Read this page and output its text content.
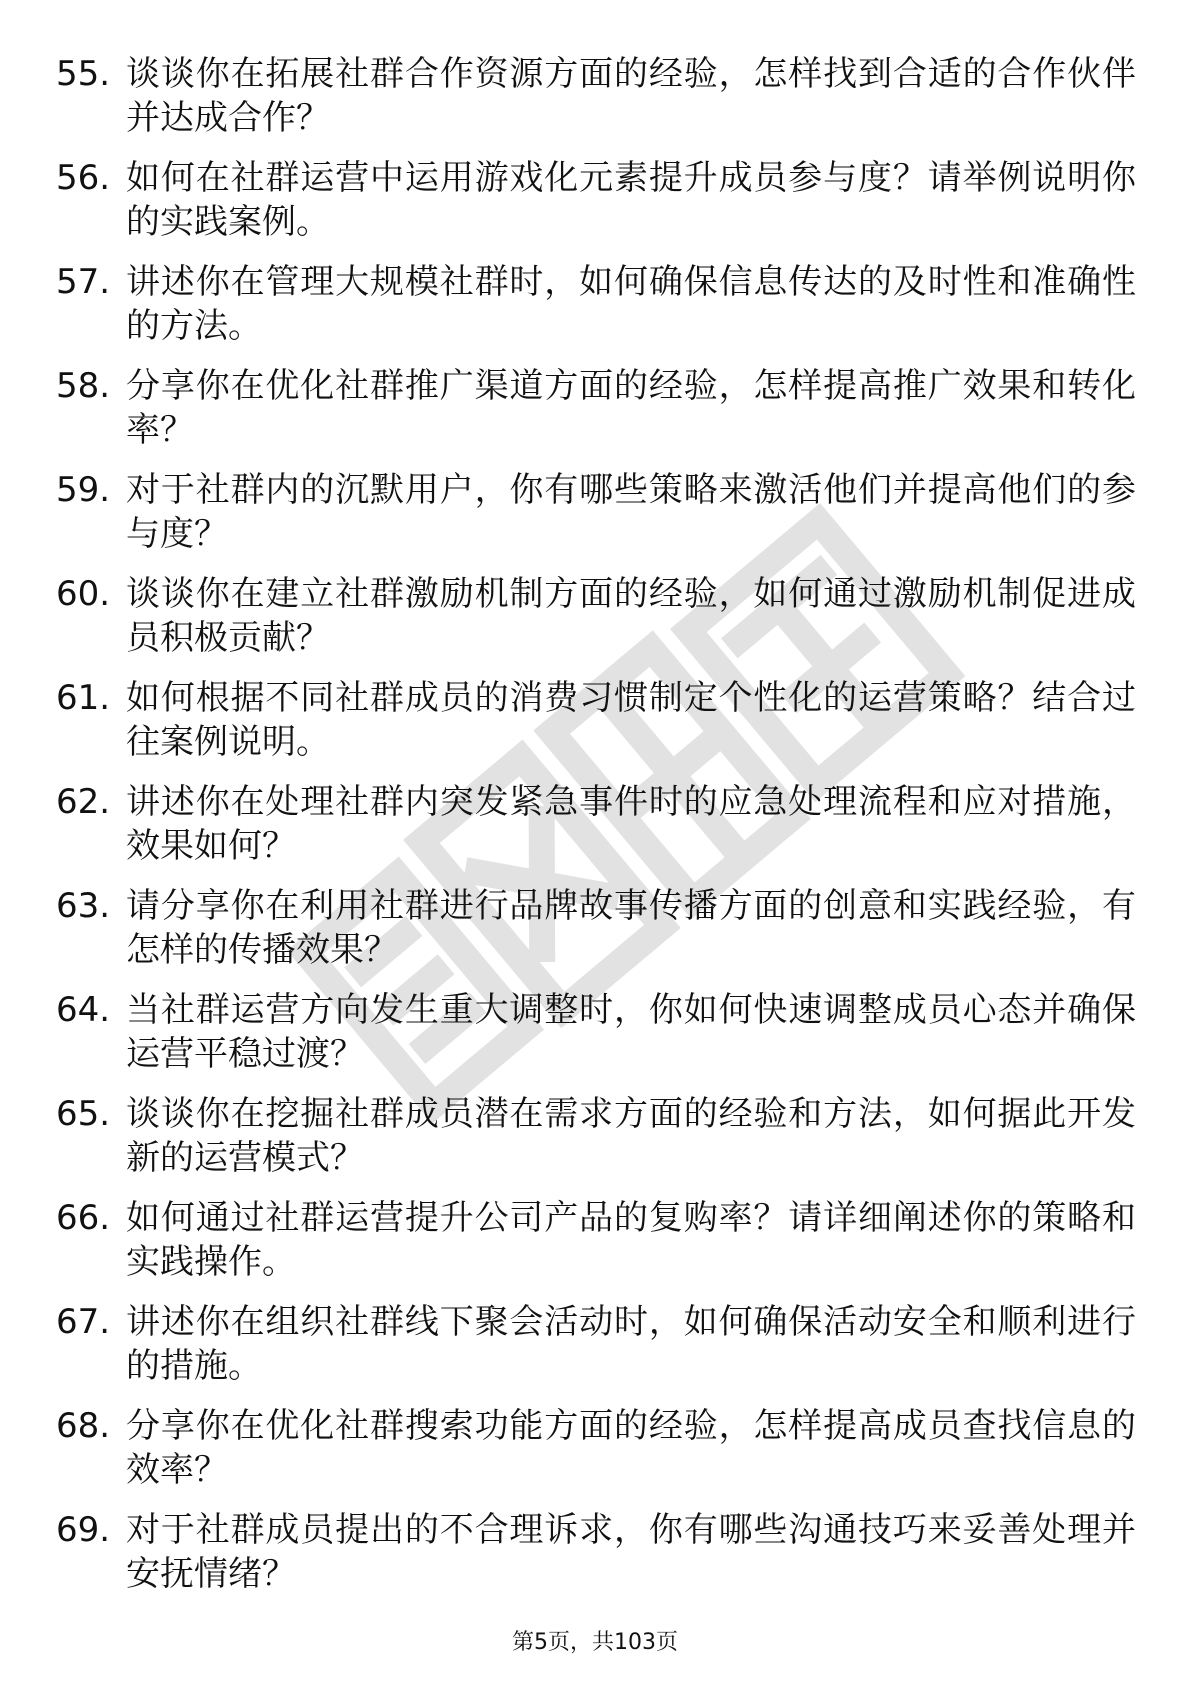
55. 谈谈你在拓展社群合作资源方面的经验，怎样找到合适的合作伙伴并达成合作？
56. 如何在社群运营中运用游戏化元素提升成员参与度？请举例说明你的实践案例。
57. 讲述你在管理大规模社群时，如何确保信息传达的及时性和准确性的方法。
58. 分享你在优化社群推广渠道方面的经验，怎样提高推广效果和转化率？
59. 对于社群内的沉默用户，你有哪些策略来激活他们并提高他们的参与度？
60. 谈谈你在建立社群激励机制方面的经验，如何通过激励机制促进成员积极贡献？
61. 如何根据不同社群成员的消费习惯制定个性化的运营策略？结合过往案例说明。
62. 讲述你在处理社群内突发紧急事件时的应急处理流程和应对措施，效果如何？
63. 请分享你在利用社群进行品牌故事传播方面的创意和实践经验，有怎样的传播效果？
64. 当社群运营方向发生重大调整时，你如何快速调整成员心态并确保运营平稳过渡？
65. 谈谈你在挖掘社群成员潜在需求方面的经验和方法，如何据此开发新的运营模式？
66. 如何通过社群运营提升公司产品的复购率？请详细阐述你的策略和实践操作。
67. 讲述你在组织社群线下聚会活动时，如何确保活动安全和顺利进行的措施。
68. 分享你在优化社群搜索功能方面的经验，怎样提高成员查找信息的效率？
69. 对于社群成员提出的不合理诉求，你有哪些沟通技巧来妥善处理并安抚情绪？
第5页，共103页
